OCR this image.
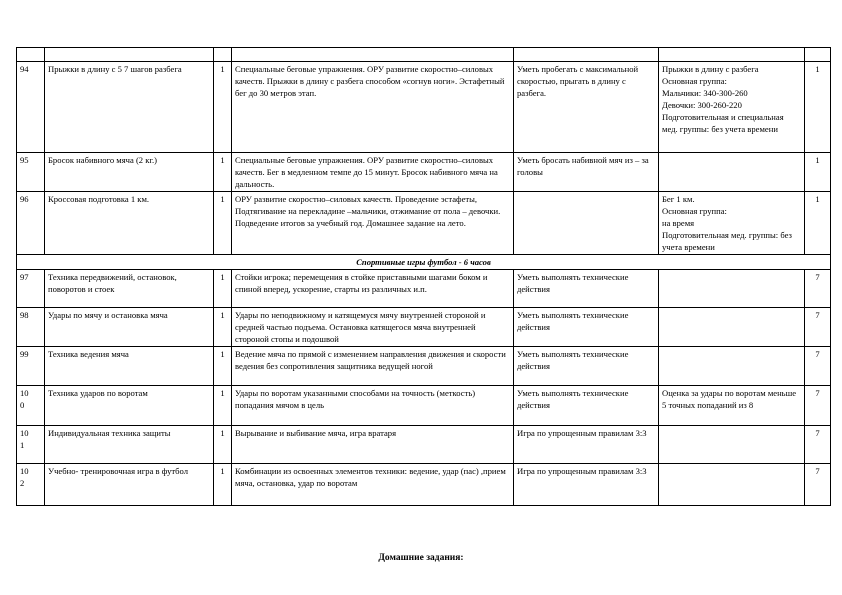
94	Прыжки в длину с 5 7 шагов разбега	1	Специальные беговые упражнения. ОРУ развитие скоростно–силовых качеств. Прыжки в длину с разбега способом «согнув ноги». Эстафетный бег до 30 метров этап.	Уметь пробегать с максимальной скоростью, прыгать в длину с разбега.	Прыжки в длину с разбега
Основная группа:
Мальчики: 340-300-260
Девочки: 300-260-220
Подготовительная и специальная мед. группы: без учета времени	1
95	Бросок набивного мяча (2 кг.)	1	Специальные беговые упражнения. ОРУ развитие скоростно–силовых качеств. Бег в медленном темпе до 15 минут. Бросок набивного мяча на дальность.	Уметь бросать набивной мяч из – за головы		1
96	Кроссовая подготовка 1 км.	1	ОРУ развитие скоростно–силовых качеств. Проведение эстафеты, Подтягивание на перекладине –мальчики, отжимание от пола – девочки. Подведение итогов за учебный год. Домашнее задание на лето.		Бег 1 км.
Основная группа:
на время
Подготовительная мед. группы: без учета времени	1
Спортивные игры футбол - 6 часов						
97	Техника передвижений, остановок, поворотов и стоек	1	Стойки игрока; перемещения в стойке приставными шагами боком и спиной вперед, ускорение, старты из различных и.п.	Уметь выполнять технические действия		7
98	Удары по мячу и остановка мяча	1	Удары по неподвижному и катящемуся мячу внутренней стороной и средней частью подъема. Остановка катящегося мяча внутренней стороной стопы и подошвой	Уметь выполнять технические действия		7
99	Техника ведения мяча	1	Ведение мяча по прямой с изменением направления движения и скорости ведения без сопротивления защитника ведущей ногой	Уметь выполнять технические действия		7
10
0	Техника ударов по воротам	1	Удары по воротам указанными способами на точность (меткость) попадания мячом в цель	Уметь выполнять технические действия	Оценка за удары по воротам меньше 5 точных попаданий из 8	7
10
1	Индивидуальная техника защиты	1	Вырывание и выбивание мяча, игра вратаря	Игра по упрощенным правилам 3:3		7
10
2	Учебно- тренировочная игра в футбол	1	Комбинации из освоенных элементов техники: ведение, удар (пас) ,прием мяча, остановка, удар по воротам	Игра по упрощенным правилам 3:3		7
Домашние задания:
